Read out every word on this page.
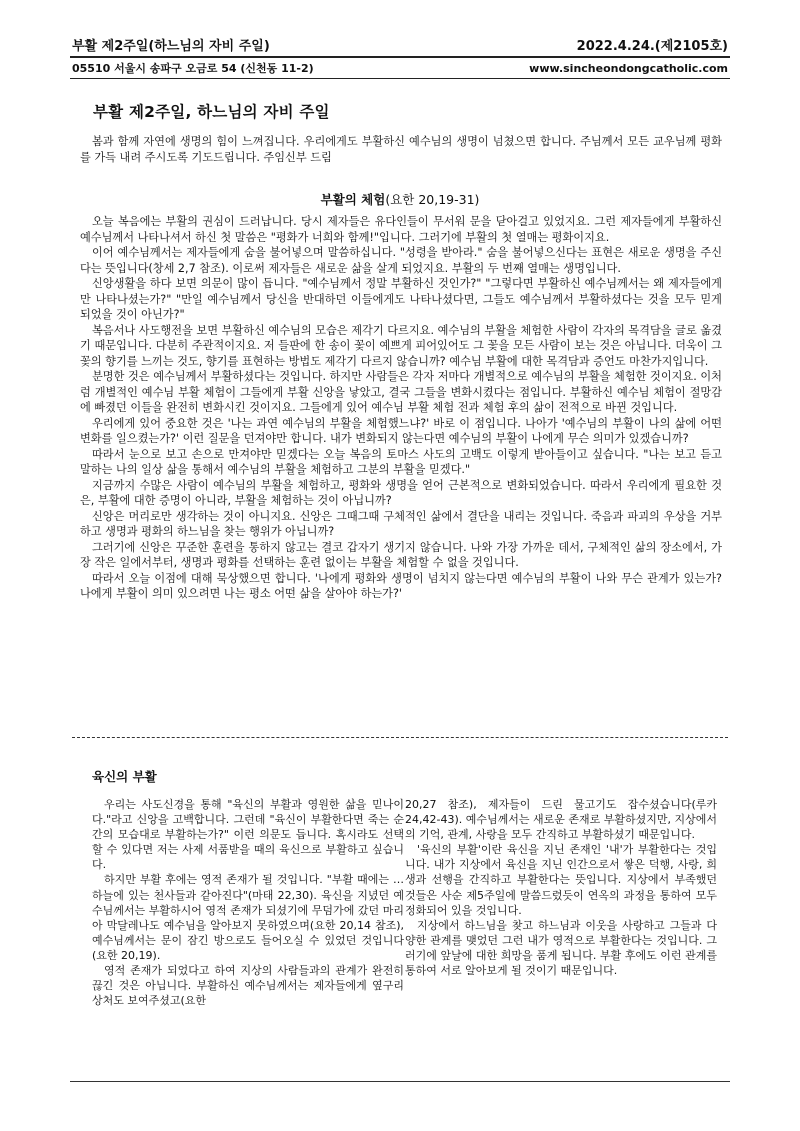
부활 제2주일(하느님의 자비 주일)	2022.4.24.(제2105호)
05510 서울시 송파구 오금로 54 (신천동 11-2)	www.sincheondongcatholic.com
부활 제2주일, 하느님의 자비 주일

봄과 함께 자연에 생명의 힘이 느껴집니다. 우리에게도 부활하신 예수님의 생명이 넘쳤으면 합니다. 주님께서 모든 교우님께 평화를 가득 내려 주시도록 기도드립니다. 주임신부 드림

부활의 체험(요한 20,19-31)

오늘 복음에는 부활의 권심이 드러납니다. 당시 제자들은 유다인들이 무서워 문을 닫아걸고 있었지요. 그런 제자들에게 부활하신 예수님께서 나타나셔서 하신 첫 말씀은 "평화가 너희와 함께!"입니다. 그러기에 부활의 첫 열매는 평화이지요.

이어 예수님께서는 제자들에게 숨을 불어넣으며 말씀하십니다. "성령을 받아라." 숨을 불어넣으신다는 표현은 새로운 생명을 주신다는 뜻입니다(창세 2,7 참조). 이로써 제자들은 새로운 삶을 살게 되었지요. 부활의 두 번째 열매는 생명입니다.

신앙생활을 하다 보면 의문이 많이 듭니다. "예수님께서 정말 부활하신 것인가?" "그렇다면 부활하신 예수님께서는 왜 제자들에게만 나타나셨는가?" "만일 예수님께서 당신을 반대하던 이들에게도 나타나셨다면, 그들도 예수님께서 부활하셨다는 것을 모두 믿게 되었을 것이 아닌가?"

복음서나 사도행전을 보면 부활하신 예수님의 모습은 제각기 다르지요. 예수님의 부활을 체험한 사람이 각자의 목격담을 글로 옮겼기 때문입니다. 다분히 주관적이지요. 저 들판에 한 송이 꽃이 예쁘게 피어있어도 그 꽃을 모든 사람이 보는 것은 아닙니다. 더욱이 그 꽃의 향기를 느끼는 것도, 향기를 표현하는 방법도 제각기 다르지 않습니까? 예수님 부활에 대한 목격담과 증언도 마찬가지입니다.

분명한 것은 예수님께서 부활하셨다는 것입니다. 하지만 사람들은 각자 저마다 개별적으로 예수님의 부활을 체험한 것이지요. 이처럼 개별적인 예수님 부활 체험이 그들에게 부활 신앙을 낳았고, 결국 그들을 변화시켰다는 점입니다. 부활하신 예수님 체험이 절망감에 빠졌던 이들을 완전히 변화시킨 것이지요. 그들에게 있어 예수님 부활 체험 전과 체험 후의 삶이 전적으로 바뀐 것입니다.

우리에게 있어 중요한 것은 '나는 과연 예수님의 부활을 체험했느냐?' 바로 이 점입니다. 나아가 '예수님의 부활이 나의 삶에 어떤 변화를 일으켰는가?' 이런 질문을 던져야만 합니다. 내가 변화되지 않는다면 예수님의 부활이 나에게 무슨 의미가 있겠습니까?

따라서 눈으로 보고 손으로 만져야만 믿겠다는 오늘 복음의 토마스 사도의 고백도 이렇게 받아들이고 싶습니다. "나는 보고 듣고 말하는 나의 일상 삶을 통해서 예수님의 부활을 체험하고 그분의 부활을 믿겠다."

지금까지 수많은 사람이 예수님의 부활을 체험하고, 평화와 생명을 얻어 근본적으로 변화되었습니다. 따라서 우리에게 필요한 것은, 부활에 대한 증명이 아니라, 부활을 체험하는 것이 아닙니까?

신앙은 머리로만 생각하는 것이 아니지요. 신앙은 그때그때 구체적인 삶에서 결단을 내리는 것입니다. 죽음과 파괴의 우상을 거부하고 생명과 평화의 하느님을 찾는 행위가 아닙니까?

그러기에 신앙은 꾸준한 훈련을 통하지 않고는 결코 갑자기 생기지 않습니다. 나와 가장 가까운 데서, 구체적인 삶의 장소에서, 가장 작은 일에서부터, 생명과 평화를 선택하는 훈련 없이는 부활을 체험할 수 없을 것입니다.

따라서 오늘 이점에 대해 묵상했으면 합니다. '나에게 평화와 생명이 넘치지 않는다면 예수님의 부활이 나와 무슨 관계가 있는가? 나에게 부활이 의미 있으려면 나는 평소 어떤 삶을 살아야 하는가?'

육신의 부활

우리는 사도신경을 통해 "육신의 부활과 영원한 삶을 믿나이다."라고 신앙을 고백합니다. 그런데 "육신이 부활한다면 죽는 순간의 모습대로 부활하는가?" 이런 의문도 듭니다. 혹시라도 선택할 수 있다면 저는 사제 서품받을 때의 육신으로 부활하고 싶습니다.

하지만 부활 후에는 영적 존재가 될 것입니다. "부활 때에는 … 하늘에 있는 천사들과 같아진다"(마태 22,30). 육신을 지녔던 예수님께서는 부활하시어 영적 존재가 되셨기에 무덤가에 갔던 마리아 막달레나도 예수님을 알아보지 못하였으며(요한 20,14 참조), 예수님께서는 문이 잠긴 방으로도 들어오실 수 있었던 것입니다(요한 20,19).

영적 존재가 되었다고 하여 지상의 사람들과의 관계가 완전히 끊긴 것은 아닙니다. 부활하신 예수님께서는 제자들에게 옆구리 상처도 보여주셨고(요한

20,27 참조), 제자들이 드린 물고기도 잡수셨습니다(루카 24,42-43). 예수님께서는 새로운 존재로 부활하셨지만, 지상에서의 기억, 관계, 사랑을 모두 간직하고 부활하셨기 때문입니다.

'육신의 부활'이란 육신을 지닌 존재인 '내'가 부활한다는 것입니다. 내가 지상에서 육신을 지닌 인간으로서 쌓은 덕행, 사랑, 희생과 선행을 간직하고 부활한다는 뜻입니다. 지상에서 부족했던 것들은 사순 제5주일에 말씀드렸듯이 연옥의 과정을 통하여 모두 정화되어 있을 것입니다.

지상에서 하느님을 찾고 하느님과 이웃을 사랑하고 그들과 다양한 관계를 맺었던 그런 내가 영적으로 부활한다는 것입니다. 그러기에 앞날에 대한 희망을 품게 됩니다. 부활 후에도 이런 관계를 통하여 서로 알아보게 될 것이기 때문입니다.
